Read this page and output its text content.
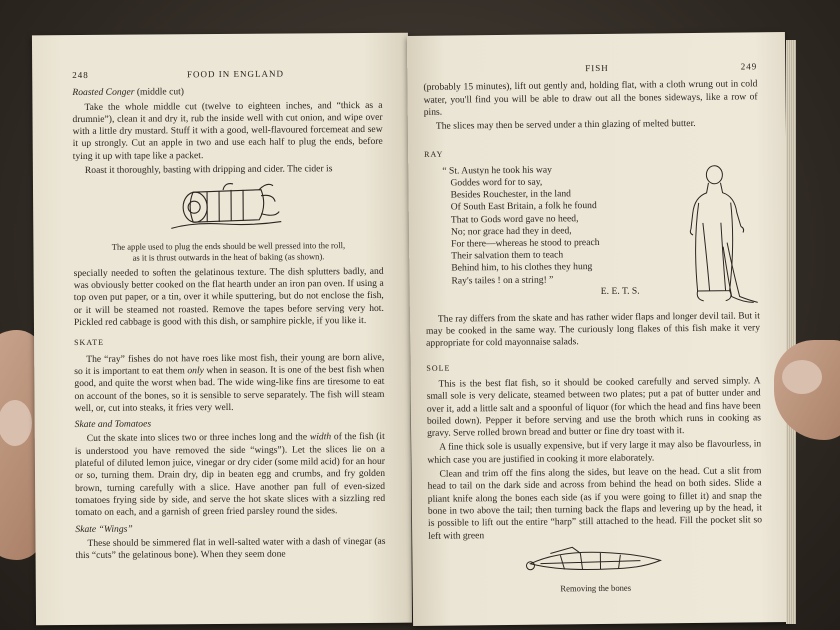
248	FOOD IN ENGLAND

Roasted Conger (middle cut)

Take the whole middle cut (twelve to eighteen inches, and “thick as a drumnie”), clean it and dry it, rub the inside well with cut onion, and wipe over with a little dry mustard. Stuff it with a good, well-flavoured forcemeat and sew it up strongly. Cut an apple in two and use each half to plug the ends, before tying it up with tape like a packet.

Roast it thoroughly, basting with dripping and cider. The cider is

The apple used to plug the ends should be well pressed into the roll,

as it is thrust outwards in the heat of baking (as shown).

specially needed to soften the gelatinous texture. The dish splutters badly, and was obviously better cooked on the flat hearth under an iron pan oven. If using a top oven put paper, or a tin, over it while sputtering, but do not enclose the fish, or it will be steamed not roasted. Remove the tapes before serving very hot. Pickled red cabbage is good with this dish, or samphire pickle, if you like it.

SKATE

The “ray” fishes do not have roes like most fish, their young are born alive, so it is important to eat them only when in season. It is one of the best fish when good, and quite the worst when bad. The wide wing-like fins are tiresome to eat on account of the bones, so it is sensible to serve separately. The fish will steam well, or, cut into steaks, it fries very well.

Skate and Tomatoes

Cut the skate into slices two or three inches long and the width of the fish (it is understood you have removed the side “wings”). Let the slices lie on a plateful of diluted lemon juice, vinegar or dry cider (some mild acid) for an hour or so, turning them. Drain dry, dip in beaten egg and crumbs, and fry golden brown, turning carefully with a slice. Have another pan full of even-sized tomatoes frying side by side, and serve the hot skate slices with a sizzling red tomato on each, and a garnish of green fried parsley round the sides.

Skate “Wings”

These should be simmered flat in well-salted water with a dash of vinegar (as this “cuts” the gelatinous bone). When they seem done

FISH	249

(probably 15 minutes), lift out gently and, holding flat, with a cloth wrung out in cold water, you'll find you will be able to draw out all the bones sideways, like a row of pins.

The slices may then be served under a thin glazing of melted butter.

RAY

“ St. Austyn he took his way
Goddes word for to say,
Besides Rouchester, in the land
Of South East Britain, a folk he found
That to Gods word gave no heed,
No; nor grace had they in deed,
For there—whereas he stood to preach
Their salvation them to teach
Behind him, to his clothes they hung
Ray's tailes ! on a string! ”
E. E. T. S.

The ray differs from the skate and has rather wider flaps and longer devil tail. But it may be cooked in the same way. The curiously long flakes of this fish make it very appropriate for cold mayonnaise salads.

SOLE

This is the best flat fish, so it should be cooked carefully and served simply. A small sole is very delicate, steamed between two plates; put a pat of butter under and over it, add a little salt and a spoonful of liquor (for which the head and fins have been boiled down). Pepper it before serving and use the broth which runs in cooking as gravy. Serve rolled brown bread and butter or fine dry toast with it.

A fine thick sole is usually expensive, but if very large it may also be flavourless, in which case you are justified in cooking it more elaborately.

Clean and trim off the fins along the sides, but leave on the head. Cut a slit from head to tail on the dark side and across from behind the head on both sides. Slide a pliant knife along the bones each side (as if you were going to fillet it) and snap the bone in two above the tail; then turning back the flaps and levering up by the head, it is possible to lift out the entire “harp” still attached to the head. Fill the pocket slit so left with green

Removing the bones
